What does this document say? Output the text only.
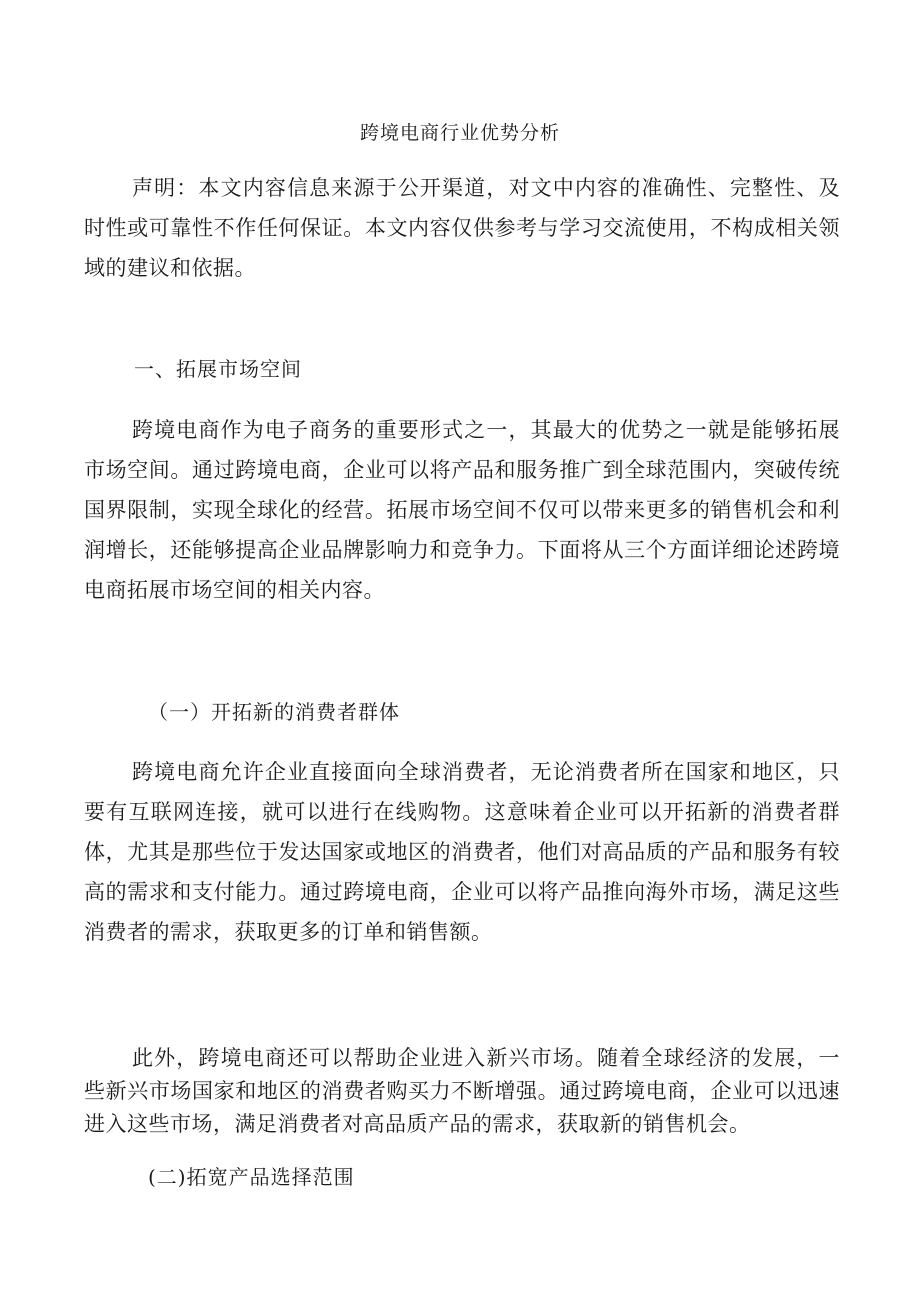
跨境电商行业优势分析

声明：本文内容信息来源于公开渠道，对文中内容的准确性、完整性、及时性或可靠性不作任何保证。本文内容仅供参考与学习交流使用，不构成相关领域的建议和依据。

一、拓展市场空间

跨境电商作为电子商务的重要形式之一，其最大的优势之一就是能够拓展市场空间。通过跨境电商，企业可以将产品和服务推广到全球范围内，突破传统国界限制，实现全球化的经营。拓展市场空间不仅可以带来更多的销售机会和利润增长，还能够提高企业品牌影响力和竞争力。下面将从三个方面详细论述跨境电商拓展市场空间的相关内容。

（一）开拓新的消费者群体

跨境电商允许企业直接面向全球消费者，无论消费者所在国家和地区，只要有互联网连接，就可以进行在线购物。这意味着企业可以开拓新的消费者群体，尤其是那些位于发达国家或地区的消费者，他们对高品质的产品和服务有较高的需求和支付能力。通过跨境电商，企业可以将产品推向海外市场，满足这些消费者的需求，获取更多的订单和销售额。

此外，跨境电商还可以帮助企业进入新兴市场。随着全球经济的发展，一些新兴市场国家和地区的消费者购买力不断增强。通过跨境电商，企业可以迅速进入这些市场，满足消费者对高品质产品的需求，获取新的销售机会。

(二)拓宽产品选择范围
